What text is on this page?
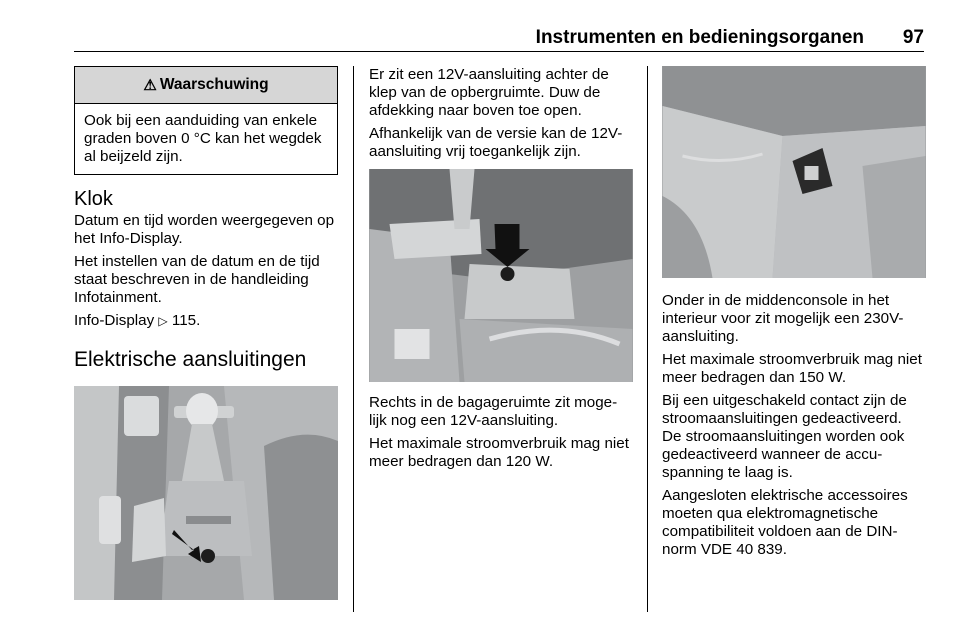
Instrumenten en bedieningsorganen 97
⚠ Waarschuwing

Ook bij een aanduiding van enkele graden boven 0 °C kan het wegdek al beijzeld zijn.

Klok

Datum en tijd worden weergegeven op het Info-Display.

Het instellen van de datum en de tijd staat beschreven in de handleiding Infotainment.

Info-Display ▷ 115.

Elektrische aansluitingen

Er zit een 12V-aansluiting achter de klep van de opbergruimte. Duw de afdekking naar boven toe open.

Afhankelijk van de versie kan de 12V-aansluiting vrij toegankelijk zijn.

Rechts in de bagageruimte zit moge-lijk nog een 12V-aansluiting.

Het maximale stroomverbruik mag niet meer bedragen dan 120 W.

Onder in de middenconsole in het interieur voor zit mogelijk een 230V-aansluiting.

Het maximale stroomverbruik mag niet meer bedragen dan 150 W.

Bij een uitgeschakeld contact zijn de stroomaansluitingen gedeactiveerd. De stroomaansluitingen worden ook gedeactiveerd wanneer de accu-spanning te laag is.

Aangesloten elektrische accessoires moeten qua elektromagnetische compatibiliteit voldoen aan de DIN-norm VDE 40 839.
